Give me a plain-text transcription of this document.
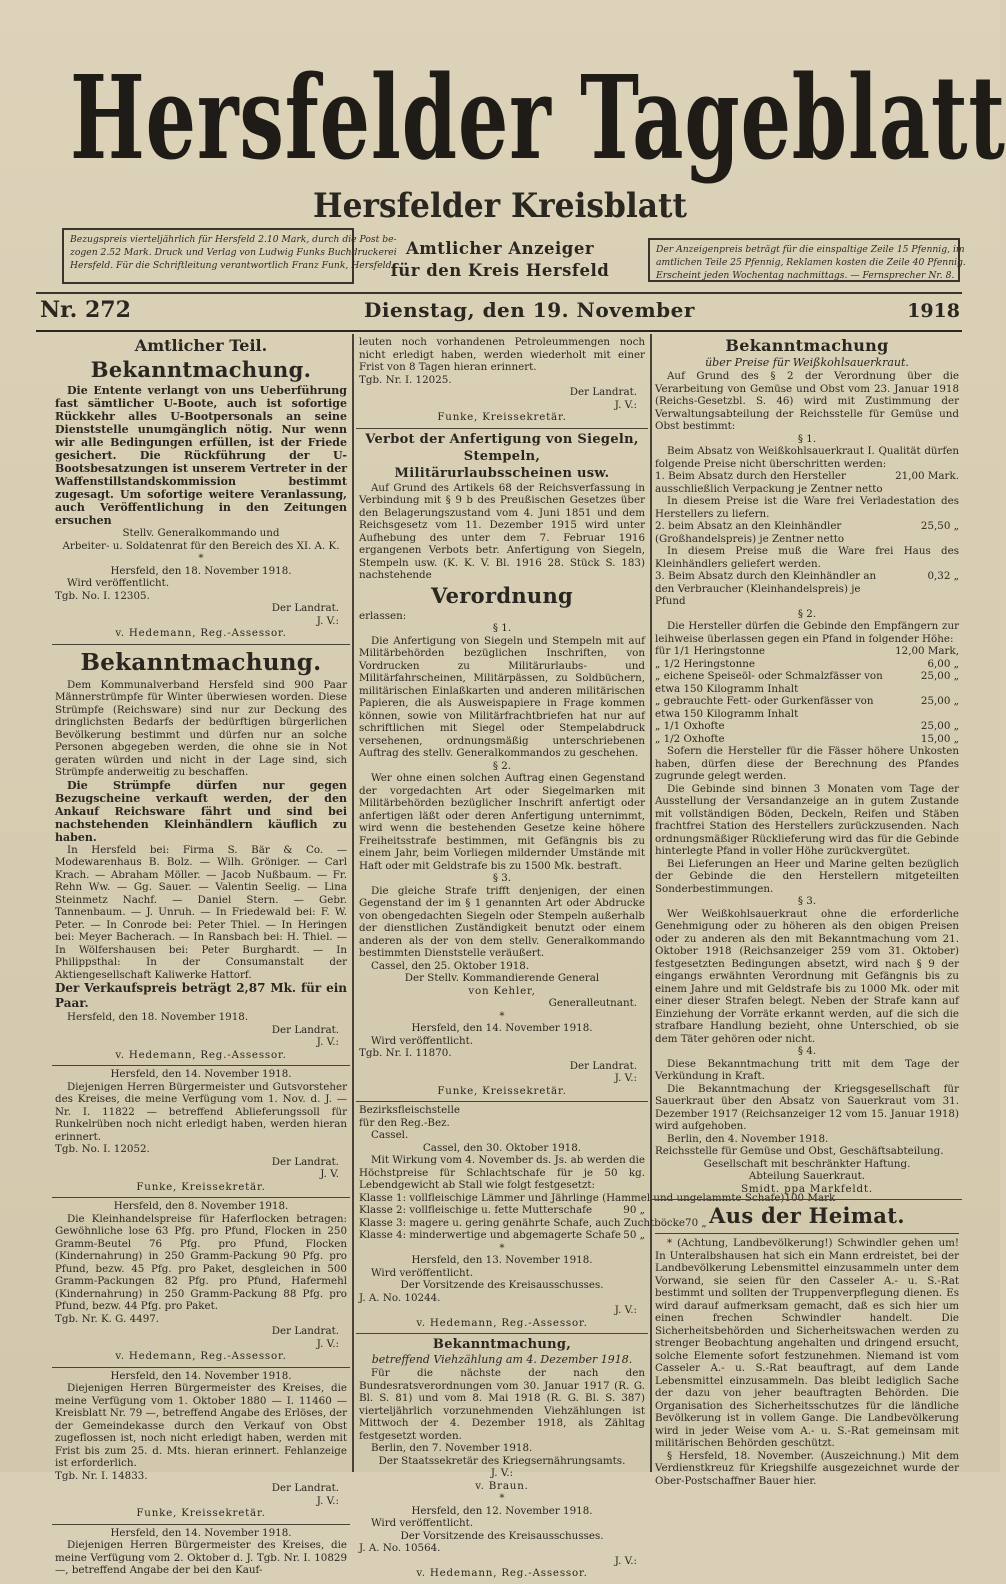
Hersfelder Tageblatt
Hersfelder Kreisblatt
Bezugspreis vierteljährlich für Hersfeld 2.10 Mark, durch die Post be-
zogen 2.52 Mark. Druck und Verlag von Ludwig Funks Buchdruckerei
Hersfeld. Für die Schriftleitung verantwortlich Franz Funk, Hersfeld.
Amtlicher Anzeiger
für den Kreis Hersfeld
Der Anzeigenpreis beträgt für die einspaltige Zeile 15 Pfennig, im
amtlichen Teile 25 Pfennig, Reklamen kosten die Zeile 40 Pfennig.
Erscheint jeden Wochentag nachmittags. — Fernsprecher Nr. 8.
Nr. 272	Dienstag, den 19. November	1918
Amtlicher Teil.
Bekanntmachung.
Die Entente verlangt von uns Ueberführung fast sämtlicher U-Boote, auch ist sofortige Rückkehr alles U-Bootpersonals an seine Dienststelle unumgänglich nötig. Nur wenn wir alle Bedingungen erfüllen, ist der Friede gesichert. Die Rückführung der U-Bootsbesatzungen ist unserem Vertreter in der Waffenstillstandskommission bestimmt zugesagt. Um sofortige weitere Veranlassung, auch Veröffentlichung in den Zeitungen ersuchen
Stellv. Generalkommando und
Arbeiter- u. Soldatenrat für den Bereich des XI. A. K.
*
Hersfeld, den 18. November 1918.
Wird veröffentlicht.
Tgb. No. I. 12305.
Der Landrat.
J. V.:
v. Hedemann, Reg.-Assessor.
Bekanntmachung.
Dem Kommunalverband Hersfeld sind 900 Paar Männerstrümpfe für Winter überwiesen worden. Diese Strümpfe (Reichsware) sind nur zur Deckung des dringlichsten Bedarfs der bedürftigen bürgerlichen Bevölkerung bestimmt und dürfen nur an solche Personen abgegeben werden, die ohne sie in Not geraten würden und nicht in der Lage sind, sich Strümpfe anderweitig zu beschaffen.
Die Strümpfe dürfen nur gegen Bezugscheine verkauft werden, der den Ankauf Reichsware fährt und sind bei nachstehenden Kleinhändlern käuflich zu haben.
In Hersfeld bei: Firma S. Bär & Co. — Modewarenhaus B. Bolz. — Wilh. Gröniger. — Carl Krach. — Abraham Möller. — Jacob Nußbaum. — Fr. Rehn Ww. — Gg. Sauer. — Valentin Seelig. — Lina Steinmetz Nachf. — Daniel Stern. — Gebr. Tannenbaum. — J. Unruh. — In Friedewald bei: F. W. Peter. — In Conrode bei: Peter Thiel. — In Heringen bei: Meyer Bacherach. — In Ransbach bei: H. Thiel. — In Wölfershausen bei: Peter Burghardt. — In Philippsthal: In der Consumanstalt der Aktiengesellschaft Kaliwerke Hattorf.
Der Verkaufspreis beträgt 2,87 Mk. für ein Paar.
Hersfeld, den 18. November 1918.
Der Landrat.
J. V.:
v. Hedemann, Reg.-Assessor.
Hersfeld, den 14. November 1918.
Diejenigen Herren Bürgermeister und Gutsvorsteher des Kreises, die meine Verfügung vom 1. Nov. d. J. — Nr. I. 11822 — betreffend Ablieferungssoll für Runkelrüben noch nicht erledigt haben, werden hieran erinnert.
Tgb. No. I. 12052.
Der Landrat.
J. V.
Funke, Kreissekretär.
Hersfeld, den 8. November 1918.
Die Kleinhandelspreise für Haferflocken betragen: Gewöhnliche lose 63 Pfg. pro Pfund, Flocken in 250 Gramm-Beutel 76 Pfg. pro Pfund, Flocken (Kindernahrung) in 250 Gramm-Packung 90 Pfg. pro Pfund, bezw. 45 Pfg. pro Paket, desgleichen in 500 Gramm-Packungen 82 Pfg. pro Pfund, Hafermehl (Kindernahrung) in 250 Gramm-Packung 88 Pfg. pro Pfund, bezw. 44 Pfg. pro Paket.
Tgb. Nr. K. G. 4497.
Der Landrat.
J. V.:
v. Hedemann, Reg.-Assessor.
Hersfeld, den 14. November 1918.
Diejenigen Herren Bürgermeister des Kreises, die meine Verfügung vom 1. Oktober 1880 — I. 11460 — Kreisblatt Nr. 79 —, betreffend Angabe des Erlöses, der der Gemeindekasse durch den Verkauf von Obst zugeflossen ist, noch nicht erledigt haben, werden mit Frist bis zum 25. d. Mts. hieran erinnert. Fehlanzeige ist erforderlich.
Tgb. Nr. I. 14833.
Der Landrat.
J. V.:
Funke, Kreissekretär.
Hersfeld, den 14. November 1918.
Diejenigen Herren Bürgermeister des Kreises, die meine Verfügung vom 2. Oktober d. J. Tgb. Nr. I. 10829 —, betreffend Angabe der bei den Kauf-
leuten noch vorhandenen Petroleummengen noch nicht erledigt haben, werden wiederholt mit einer Frist von 8 Tagen hieran erinnert.
Tgb. Nr. I. 12025.
Der Landrat.
J. V.:
Funke, Kreissekretär.
Verbot der Anfertigung von Siegeln, Stempeln,
Militärurlaubsscheinen usw.
Auf Grund des Artikels 68 der Reichsverfassung in Verbindung mit § 9 b des Preußischen Gesetzes über den Belagerungszustand vom 4. Juni 1851 und dem Reichsgesetz vom 11. Dezember 1915 wird unter Aufhebung des unter dem 7. Februar 1916 ergangenen Verbots betr. Anfertigung von Siegeln, Stempeln usw. (K. K. V. Bl. 1916 28. Stück S. 183) nachstehende
Verordnung
erlassen:
§ 1.
Die Anfertigung von Siegeln und Stempeln mit auf Militärbehörden bezüglichen Inschriften, von Vordrucken zu Militärurlaubs- und Militärfahrscheinen, Militärpässen, zu Soldbüchern, militärischen Einlaßkarten und anderen militärischen Papieren, die als Ausweispapiere in Frage kommen können, sowie von Militärfrachtbriefen hat nur auf schriftlichen mit Siegel oder Stempelabdruck versehenen, ordnungsmäßig unterschriebenen Auftrag des stellv. Generalkommandos zu geschehen.
§ 2.
Wer ohne einen solchen Auftrag einen Gegenstand der vorgedachten Art oder Siegelmarken mit Militärbehörden bezüglicher Inschrift anfertigt oder anfertigen läßt oder deren Anfertigung unternimmt, wird wenn die bestehenden Gesetze keine höhere Freiheitsstrafe bestimmen, mit Gefängnis bis zu einem Jahr, beim Vorliegen mildernder Umstände mit Haft oder mit Geldstrafe bis zu 1500 Mk. bestraft.
§ 3.
Die gleiche Strafe trifft denjenigen, der einen Gegenstand der im § 1 genannten Art oder Abdrucke von obengedachten Siegeln oder Stempeln außerhalb der dienstlichen Zuständigkeit benutzt oder einem anderen als der von dem stellv. Generalkommando bestimmten Dienststelle veräußert.
Cassel, den 25. Oktober 1918.
Der Stellv. Kommandierende General
von Kehler,
Generalleutnant.
*
Hersfeld, den 14. November 1918.
Wird veröffentlicht.
Tgb. Nr. I. 11870.
Der Landrat.
J. V.:
Funke, Kreissekretär.
Bezirksfleischstelle
für den Reg.-Bez.
Cassel.
Cassel, den 30. Oktober 1918.
Mit Wirkung vom 4. November ds. Js. ab werden die Höchstpreise für Schlachtschafe für je 50 kg. Lebendgewicht ab Stall wie folgt festgesetzt:
Klasse 1: vollfleischige Lämmer und Jährlinge (Hammel und ungelammte Schafe) 100 Mark
Klasse 2: vollfleischige u. fette Mutterschafe	90 „
Klasse 3: magere u. gering genährte Schafe, auch Zuchtböcke 70 „
Klasse 4: minderwertige und abgemagerte Schafe 50 „
*
Hersfeld, den 13. November 1918.
Wird veröffentlicht.
Der Vorsitzende des Kreisausschusses.
J. A. No. 10244.
J. V.:
v. Hedemann, Reg.-Assessor.
Bekanntmachung,
betreffend Viehzählung am 4. Dezember 1918.
Für die nächste der nach den Bundesratsverordnungen vom 30. Januar 1917 (R. G. Bl. S. 81) und vom 8. Mai 1918 (R. G. Bl. S. 387) vierteljährlich vorzunehmenden Viehzählungen ist Mittwoch der 4. Dezember 1918, als Zähltag festgesetzt worden.
Berlin, den 7. November 1918.
Der Staatssekretär des Kriegsernährungsamts.
J. V.:
v. Braun.
*
Hersfeld, den 12. November 1918.
Wird veröffentlicht.
Der Vorsitzende des Kreisausschusses.
J. A. No. 10564.
J. V.:
v. Hedemann, Reg.-Assessor.
Bekanntmachung
über Preise für Weißkohlsauerkraut.
Auf Grund des § 2 der Verordnung über die Verarbeitung von Gemüse und Obst vom 23. Januar 1918 (Reichs-Gesetzbl. S. 46) wird mit Zustimmung der Verwaltungsabteilung der Reichsstelle für Gemüse und Obst bestimmt:
§ 1.
Beim Absatz von Weißkohlsauerkraut I. Qualität dürfen folgende Preise nicht überschritten werden:
1. Beim Absatz durch den Hersteller ausschließlich Verpackung je Zentner netto
21,00 Mark.
In diesem Preise ist die Ware frei Verladestation des Herstellers zu liefern.
2. beim Absatz an den Kleinhändler (Großhandelspreis) je Zentner netto
25,50 „
In diesem Preise muß die Ware frei Haus des Kleinhändlers geliefert werden.
3. Beim Absatz durch den Kleinhändler an den Verbraucher (Kleinhandelspreis) je Pfund
0,32 „
§ 2.
Die Hersteller dürfen die Gebinde den Empfängern zur leihweise überlassen gegen ein Pfand in folgender Höhe:
für 1/1 Heringstonne	12,00 Mark,
„ 1/2 Heringstonne	6,00 „
„ eichene Speiseöl- oder Schmalzfässer von etwa 150 Kilogramm Inhalt
25,00 „
„ gebrauchte Fett- oder Gurkenfässer von etwa 150 Kilogramm Inhalt
25,00 „
„ 1/1 Oxhofte	25,00 „
„ 1/2 Oxhofte	15,00 „
Sofern die Hersteller für die Fässer höhere Unkosten haben, dürfen diese der Berechnung des Pfandes zugrunde gelegt werden.
Die Gebinde sind binnen 3 Monaten vom Tage der Ausstellung der Versandanzeige an in gutem Zustande mit vollständigen Böden, Deckeln, Reifen und Stäben frachtfrei Station des Herstellers zurückzusenden. Nach ordnungsmäßiger Rücklieferung wird das für die Gebinde hinterlegte Pfand in voller Höhe zurückvergütet.
Bei Lieferungen an Heer und Marine gelten bezüglich der Gebinde die den Herstellern mitgeteilten Sonderbestimmungen.
§ 3.
Wer Weißkohlsauerkraut ohne die erforderliche Genehmigung oder zu höheren als den obigen Preisen oder zu anderen als den mit Bekanntmachung vom 21. Oktober 1918 (Reichsanzeiger 259 vom 31. Oktober) festgesetzten Bedingungen absetzt, wird nach § 9 der eingangs erwähnten Verordnung mit Gefängnis bis zu einem Jahre und mit Geldstrafe bis zu 1000 Mk. oder mit einer dieser Strafen belegt. Neben der Strafe kann auf Einziehung der Vorräte erkannt werden, auf die sich die strafbare Handlung bezieht, ohne Unterschied, ob sie dem Täter gehören oder nicht.
§ 4.
Diese Bekanntmachung tritt mit dem Tage der Verkündung in Kraft.
Die Bekanntmachung der Kriegsgesellschaft für Sauerkraut über den Absatz von Sauerkraut vom 31. Dezember 1917 (Reichsanzeiger 12 vom 15. Januar 1918) wird aufgehoben.
Berlin, den 4. November 1918.
Reichsstelle für Gemüse und Obst, Geschäftsabteilung.
Gesellschaft mit beschränkter Haftung.
Abteilung Sauerkraut.
Smidt. ppa Markfeldt.
Aus der Heimat.
* (Achtung, Landbevölkerung!) Schwindler gehen um! In Unteralbshausen hat sich ein Mann erdreistet, bei der Landbevölkerung Lebensmittel einzusammeln unter dem Vorwand, sie seien für den Casseler A.- u. S.-Rat bestimmt und sollten der Truppenverpflegung dienen. Es wird darauf aufmerksam gemacht, daß es sich hier um einen frechen Schwindler handelt. Die Sicherheitsbehörden und Sicherheitswachen werden zu strenger Beobachtung angehalten und dringend ersucht, solche Elemente sofort festzunehmen. Niemand ist vom Casseler A.- u. S.-Rat beauftragt, auf dem Lande Lebensmittel einzusammeln. Das bleibt lediglich Sache der dazu von jeher beauftragten Behörden. Die Organisation des Sicherheitsschutzes für die ländliche Bevölkerung ist in vollem Gange. Die Landbevölkerung wird in jeder Weise vom A.- u. S.-Rat gemeinsam mit militärischen Behörden geschützt.
§ Hersfeld, 18. November. (Auszeichnung.) Mit dem Verdienstkreuz für Kriegshilfe ausgezeichnet wurde der Ober-Postschaffner Bauer hier.
